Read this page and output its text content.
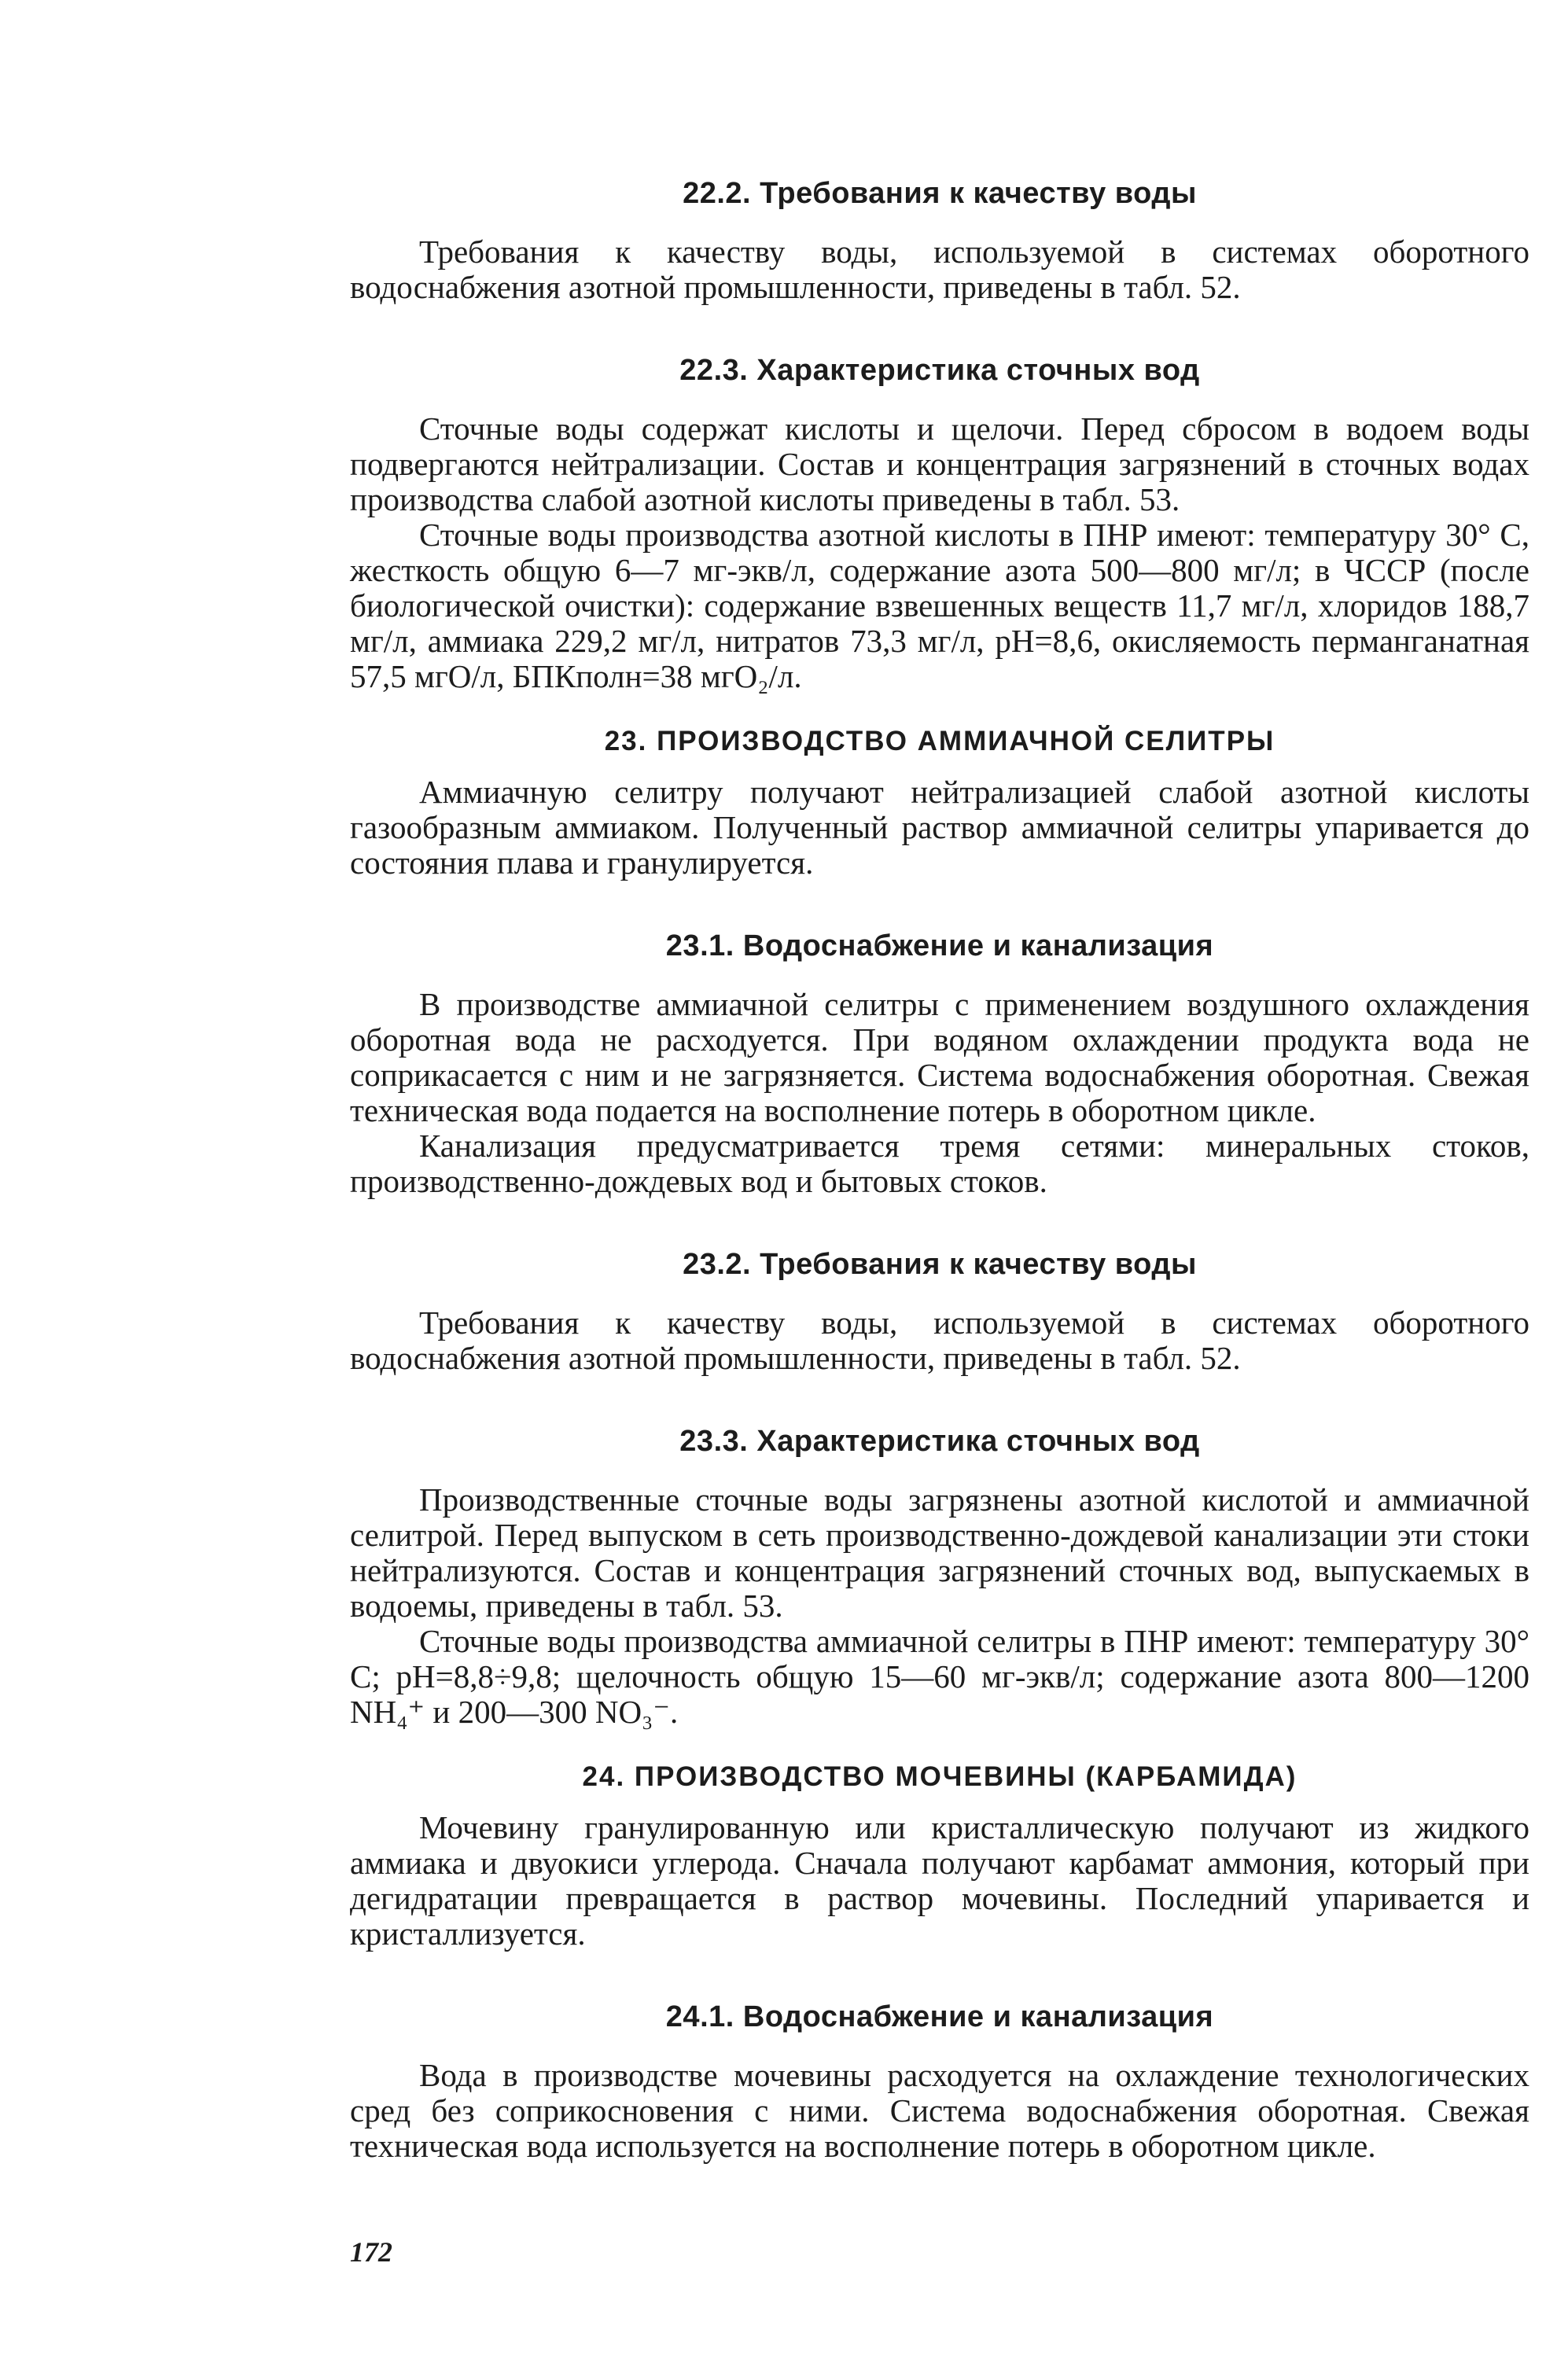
22.2. Требования к качеству воды

Требования к качеству воды, используемой в системах оборотного водоснабжения азотной промышленности, приведены в табл. 52.

22.3. Характеристика сточных вод

Сточные воды содержат кислоты и щелочи. Перед сбросом в водоем воды подвергаются нейтрализации. Состав и концентрация загрязнений в сточных водах производства слабой азотной кислоты приведены в табл. 53.

Сточные воды производства азотной кислоты в ПНР имеют: температуру 30° С, жесткость общую 6—7 мг-экв/л, содержание азота 500—800 мг/л; в ЧССР (после биологической очистки): содержание взвешенных веществ 11,7 мг/л, хлоридов 188,7 мг/л, аммиака 229,2 мг/л, нитратов 73,3 мг/л, pH=8,6, окисляемость перманганатная 57,5 мгО/л, БПКполн=38 мгО₂/л.

23. ПРОИЗВОДСТВО АММИАЧНОЙ СЕЛИТРЫ

Аммиачную селитру получают нейтрализацией слабой азотной кислоты газообразным аммиаком. Полученный раствор аммиачной селитры упаривается до состояния плава и гранулируется.

23.1. Водоснабжение и канализация

В производстве аммиачной селитры с применением воздушного охлаждения оборотная вода не расходуется. При водяном охлаждении продукта вода не соприкасается с ним и не загрязняется. Система водоснабжения оборотная. Свежая техническая вода подается на восполнение потерь в оборотном цикле.

Канализация предусматривается тремя сетями: минеральных стоков, производственно-дождевых вод и бытовых стоков.

23.2. Требования к качеству воды

Требования к качеству воды, используемой в системах оборотного водоснабжения азотной промышленности, приведены в табл. 52.

23.3. Характеристика сточных вод

Производственные сточные воды загрязнены азотной кислотой и аммиачной селитрой. Перед выпуском в сеть производственно-дождевой канализации эти стоки нейтрализуются. Состав и концентрация загрязнений сточных вод, выпускаемых в водоемы, приведены в табл. 53.

Сточные воды производства аммиачной селитры в ПНР имеют: температуру 30° С; pH=8,8÷9,8; щелочность общую 15—60 мг-экв/л; содержание азота 800—1200 NH₄⁺ и 200—300 NO₃⁻.

24. ПРОИЗВОДСТВО МОЧЕВИНЫ (КАРБАМИДА)

Мочевину гранулированную или кристаллическую получают из жидкого аммиака и двуокиси углерода. Сначала получают карбамат аммония, который при дегидратации превращается в раствор мочевины. Последний упаривается и кристаллизуется.

24.1. Водоснабжение и канализация

Вода в производстве мочевины расходуется на охлаждение технологических сред без соприкосновения с ними. Система водоснабжения оборотная. Свежая техническая вода используется на восполнение потерь в оборотном цикле.

172
